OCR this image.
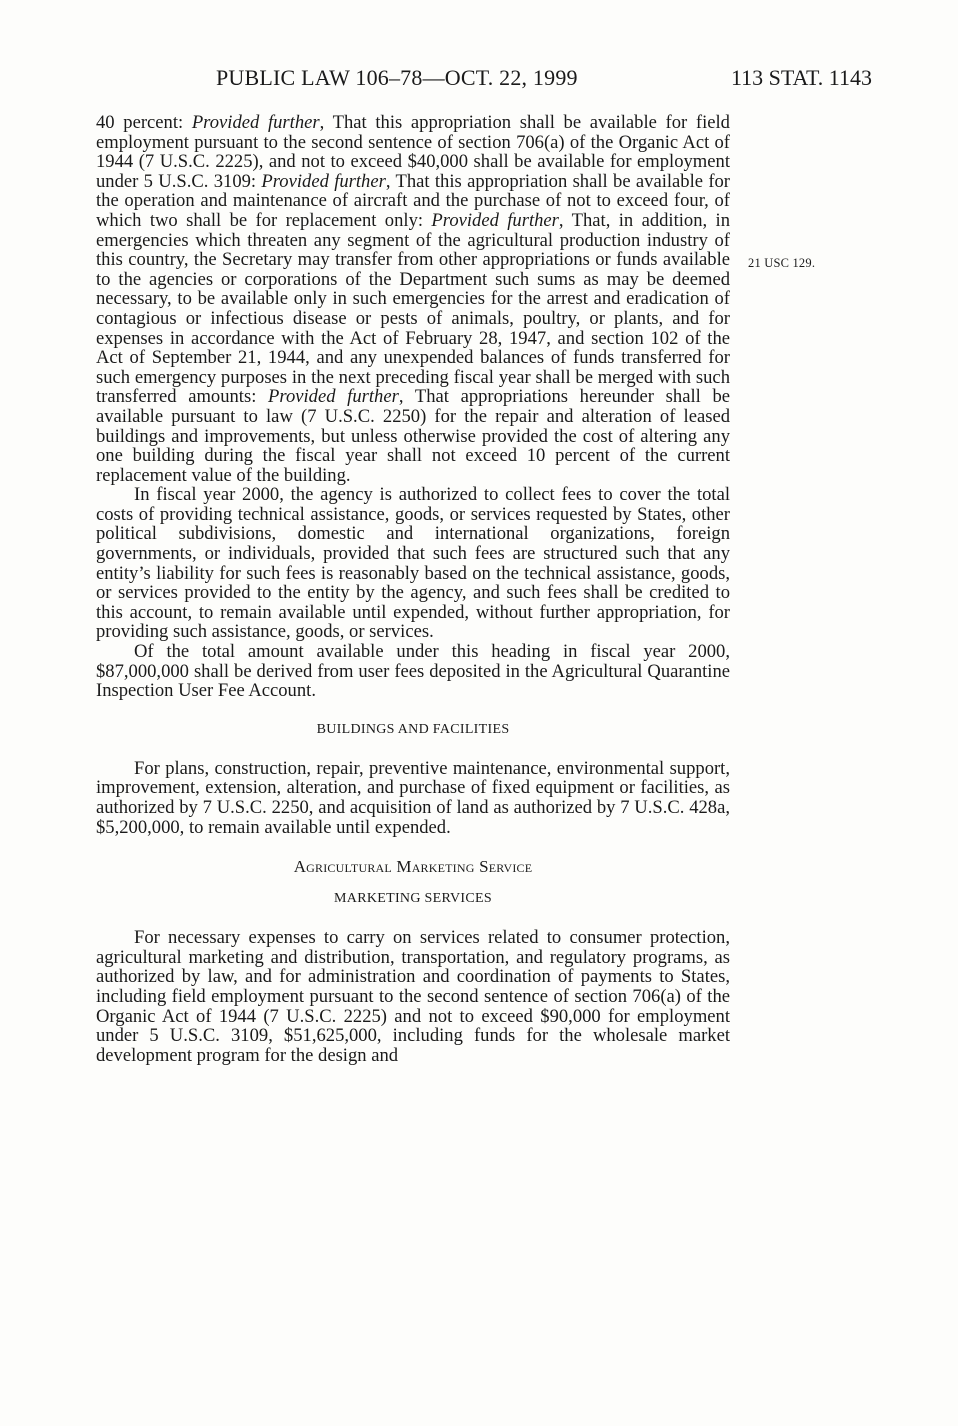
PUBLIC LAW 106–78—OCT. 22, 1999	113 STAT. 1143
21 USC 129.

40 percent: Provided further, That this appropriation shall be available for field employment pursuant to the second sentence of section 706(a) of the Organic Act of 1944 (7 U.S.C. 2225), and not to exceed $40,000 shall be available for employment under 5 U.S.C. 3109: Provided further, That this appropriation shall be available for the operation and maintenance of aircraft and the purchase of not to exceed four, of which two shall be for replacement only: Provided further, That, in addition, in emergencies which threaten any segment of the agricultural production industry of this country, the Secretary may transfer from other appropriations or funds available to the agencies or corporations of the Department such sums as may be deemed necessary, to be available only in such emergencies for the arrest and eradication of contagious or infectious disease or pests of animals, poultry, or plants, and for expenses in accordance with the Act of February 28, 1947, and section 102 of the Act of September 21, 1944, and any unexpended balances of funds transferred for such emergency purposes in the next preceding fiscal year shall be merged with such transferred amounts: Provided further, That appropriations hereunder shall be available pursuant to law (7 U.S.C. 2250) for the repair and alteration of leased buildings and improvements, but unless otherwise provided the cost of altering any one building during the fiscal year shall not exceed 10 percent of the current replacement value of the building.

In fiscal year 2000, the agency is authorized to collect fees to cover the total costs of providing technical assistance, goods, or services requested by States, other political subdivisions, domestic and international organizations, foreign governments, or individuals, provided that such fees are structured such that any entity’s liability for such fees is reasonably based on the technical assistance, goods, or services provided to the entity by the agency, and such fees shall be credited to this account, to remain available until expended, without further appropriation, for providing such assistance, goods, or services.

Of the total amount available under this heading in fiscal year 2000, $87,000,000 shall be derived from user fees deposited in the Agricultural Quarantine Inspection User Fee Account.

BUILDINGS AND FACILITIES

For plans, construction, repair, preventive maintenance, environmental support, improvement, extension, alteration, and purchase of fixed equipment or facilities, as authorized by 7 U.S.C. 2250, and acquisition of land as authorized by 7 U.S.C. 428a, $5,200,000, to remain available until expended.

Agricultural Marketing Service
MARKETING SERVICES

For necessary expenses to carry on services related to consumer protection, agricultural marketing and distribution, transportation, and regulatory programs, as authorized by law, and for administration and coordination of payments to States, including field employment pursuant to the second sentence of section 706(a) of the Organic Act of 1944 (7 U.S.C. 2225) and not to exceed $90,000 for employment under 5 U.S.C. 3109, $51,625,000, including funds for the wholesale market development program for the design and
